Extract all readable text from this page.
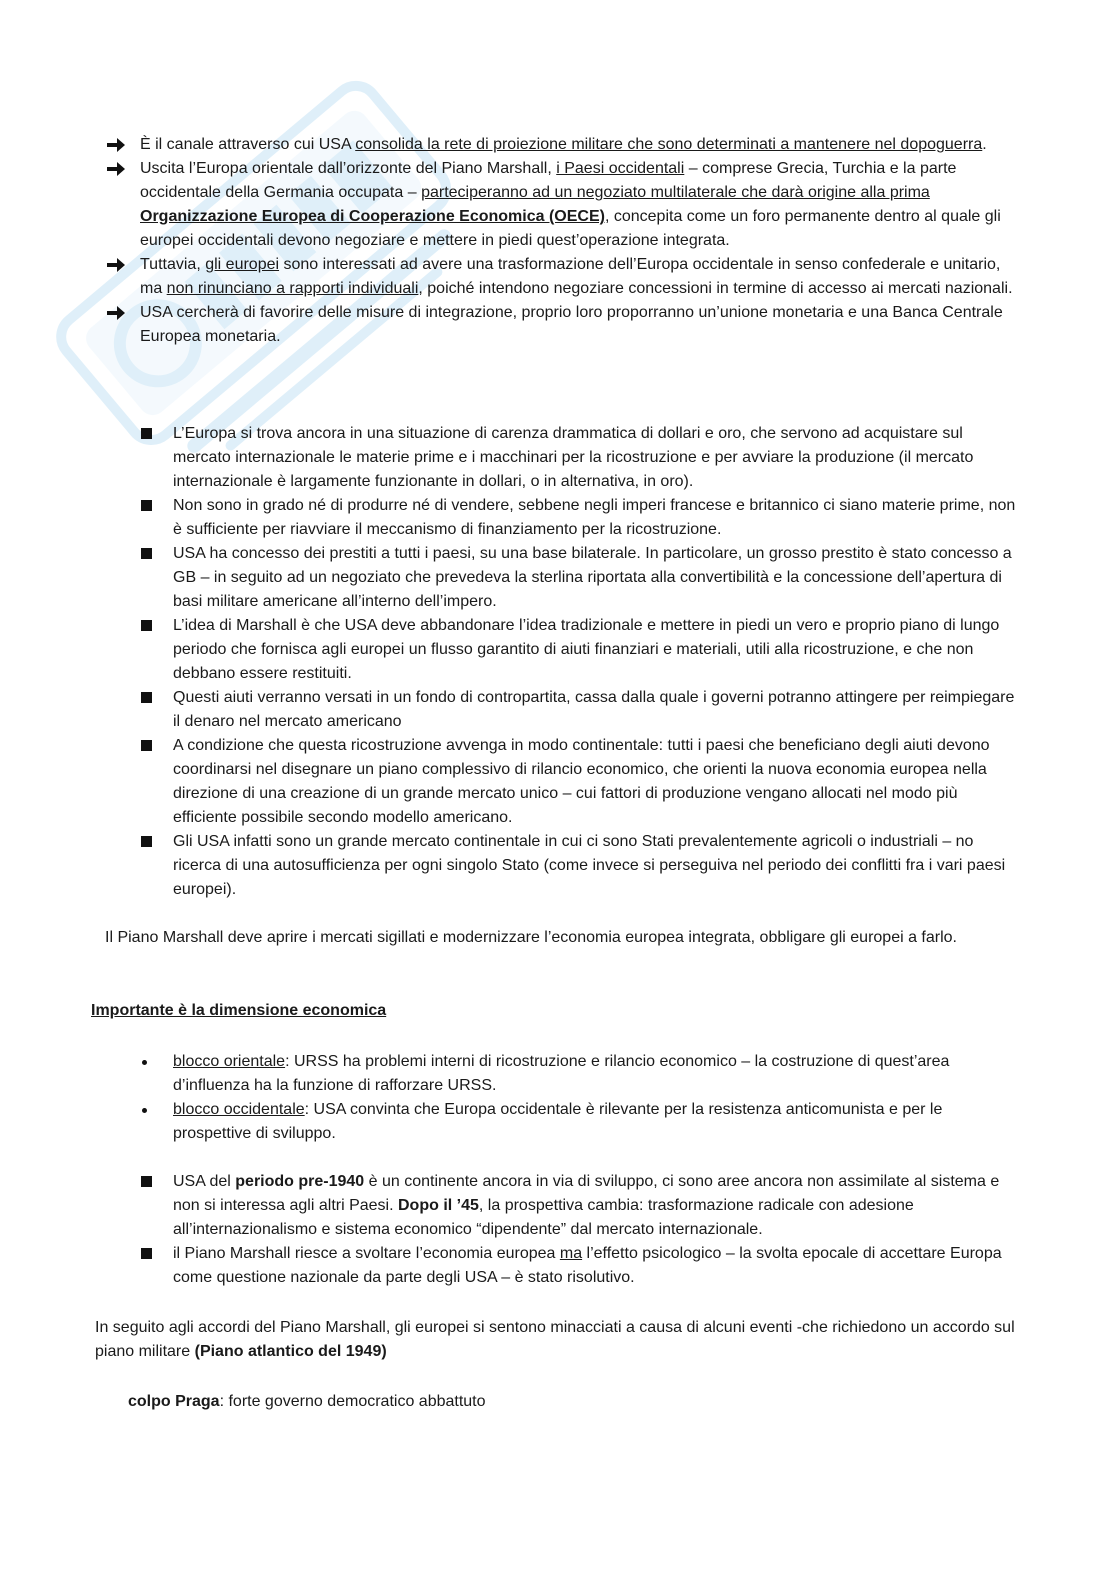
È il canale attraverso cui USA consolida la rete di proiezione militare che sono determinati a mantenere nel dopoguerra.

Uscita l’Europa orientale dall’orizzonte del Piano Marshall, i Paesi occidentali – comprese Grecia, Turchia e la parte occidentale della Germania occupata – parteciperanno ad un negoziato multilaterale che darà origine alla prima Organizzazione Europea di Cooperazione Economica (OECE), concepita come un foro permanente dentro al quale gli europei occidentali devono negoziare e mettere in piedi quest’operazione integrata.

Tuttavia, gli europei sono interessati ad avere una trasformazione dell’Europa occidentale in senso confederale e unitario, ma non rinunciano a rapporti individuali, poiché intendono negoziare concessioni in termine di accesso ai mercati nazionali.

USA cercherà di favorire delle misure di integrazione, proprio loro proporranno un’unione monetaria e una Banca Centrale Europea monetaria.

L’Europa si trova ancora in una situazione di carenza drammatica di dollari e oro, che servono ad acquistare sul mercato internazionale le materie prime e i macchinari per la ricostruzione e per avviare la produzione (il mercato internazionale è largamente funzionante in dollari, o in alternativa, in oro).

Non sono in grado né di produrre né di vendere, sebbene negli imperi francese e britannico ci siano materie prime, non è sufficiente per riavviare il meccanismo di finanziamento per la ricostruzione.

USA ha concesso dei prestiti a tutti i paesi, su una base bilaterale. In particolare, un grosso prestito è stato concesso a GB – in seguito ad un negoziato che prevedeva la sterlina riportata alla convertibilità e la concessione dell’apertura di basi militare americane all’interno dell’impero.

L’idea di Marshall è che USA deve abbandonare l’idea tradizionale e mettere in piedi un vero e proprio piano di lungo periodo che fornisca agli europei un flusso garantito di aiuti finanziari e materiali, utili alla ricostruzione, e che non debbano essere restituiti.

Questi aiuti verranno versati in un fondo di contropartita, cassa dalla quale i governi potranno attingere per reimpiegare il denaro nel mercato americano

A condizione che questa ricostruzione avvenga in modo continentale: tutti i paesi che beneficiano degli aiuti devono coordinarsi nel disegnare un piano complessivo di rilancio economico, che orienti la nuova economia europea nella direzione di una creazione di un grande mercato unico – cui fattori di produzione vengano allocati nel modo più efficiente possibile secondo modello americano.

Gli USA infatti sono un grande mercato continentale in cui ci sono Stati prevalentemente agricoli o industriali – no ricerca di una autosufficienza per ogni singolo Stato (come invece si perseguiva nel periodo dei conflitti fra i vari paesi europei).

Il Piano Marshall deve aprire i mercati sigillati e modernizzare l’economia europea integrata, obbligare gli europei a farlo.

Importante è la dimensione economica

blocco orientale: URSS ha problemi interni di ricostruzione e rilancio economico – la costruzione di quest’area d’influenza ha la funzione di rafforzare URSS.

blocco occidentale: USA convinta che Europa occidentale è rilevante per la resistenza anticomunista e per le prospettive di sviluppo.

USA del periodo pre-1940 è un continente ancora in via di sviluppo, ci sono aree ancora non assimilate al sistema e non si interessa agli altri Paesi. Dopo il ’45, la prospettiva cambia: trasformazione radicale con adesione all’internazionalismo e sistema economico “dipendente” dal mercato internazionale.

il Piano Marshall riesce a svoltare l’economia europea ma l’effetto psicologico – la svolta epocale di accettare Europa come questione nazionale da parte degli USA – è stato risolutivo.

In seguito agli accordi del Piano Marshall, gli europei si sentono minacciati a causa di alcuni eventi -che richiedono un accordo sul piano militare (Piano atlantico del 1949)

colpo Praga: forte governo democratico abbattuto
